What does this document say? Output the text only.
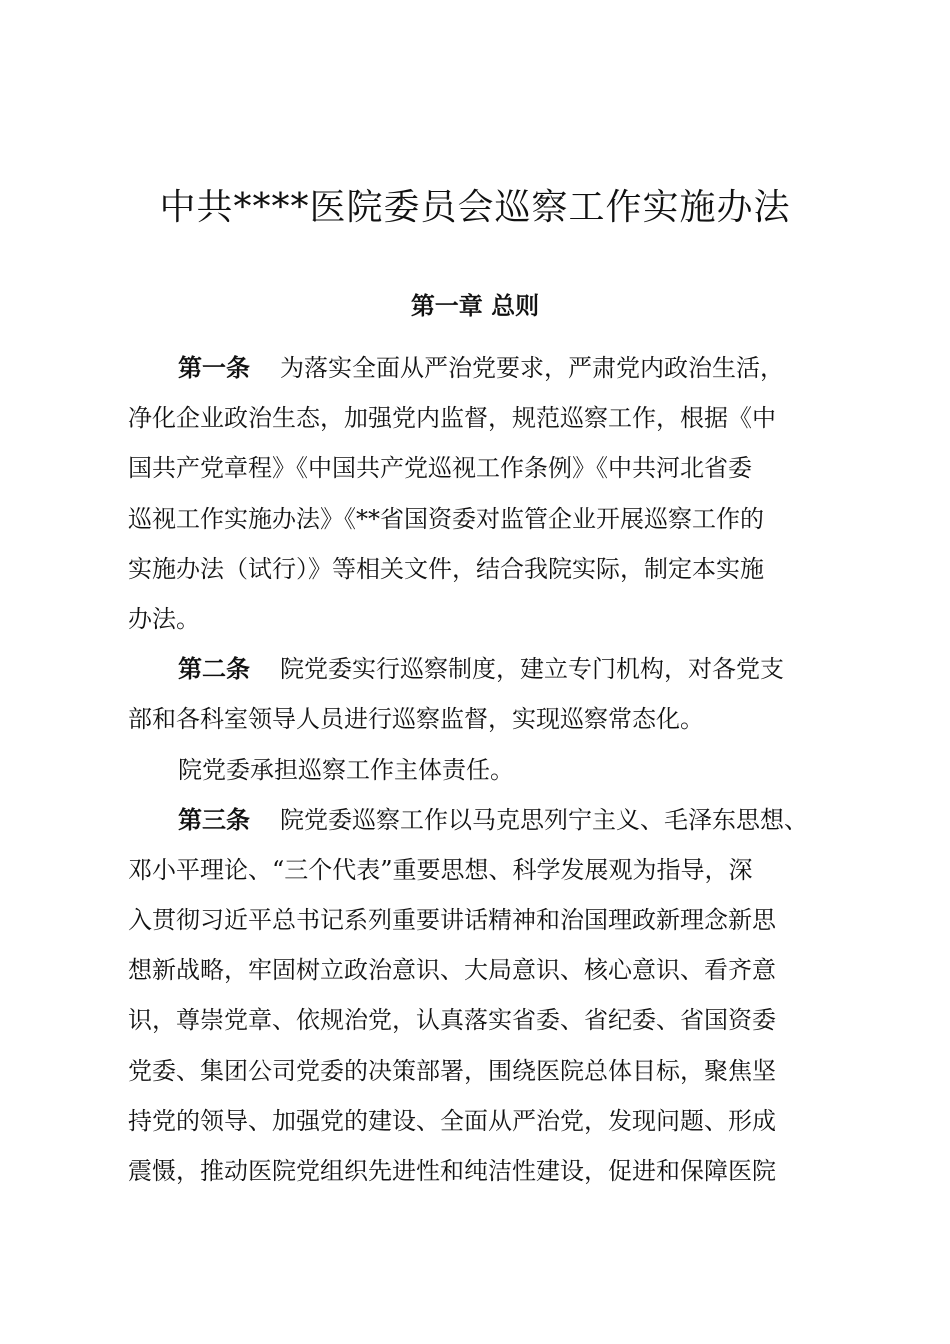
中共****医院委员会巡察工作实施办法
第一章 总则
第一条 为落实全面从严治党要求，严肃党内政治生活，
净化企业政治生态，加强党内监督，规范巡察工作，根据《中
国共产党章程》《中国共产党巡视工作条例》《中共河北省委
巡视工作实施办法》《**省国资委对监管企业开展巡察工作的
实施办法（试行）》等相关文件，结合我院实际，制定本实施
办法。
第二条 院党委实行巡察制度，建立专门机构，对各党支
部和各科室领导人员进行巡察监督，实现巡察常态化。
院党委承担巡察工作主体责任。
第三条 院党委巡察工作以马克思列宁主义、毛泽东思想、
邓小平理论、“三个代表”重要思想、科学发展观为指导，深
入贯彻习近平总书记系列重要讲话精神和治国理政新理念新思
想新战略，牢固树立政治意识、大局意识、核心意识、看齐意
识，尊崇党章、依规治党，认真落实省委、省纪委、省国资委
党委、集团公司党委的决策部署，围绕医院总体目标，聚焦坚
持党的领导、加强党的建设、全面从严治党，发现问题、形成
震慑，推动医院党组织先进性和纯洁性建设，促进和保障医院
